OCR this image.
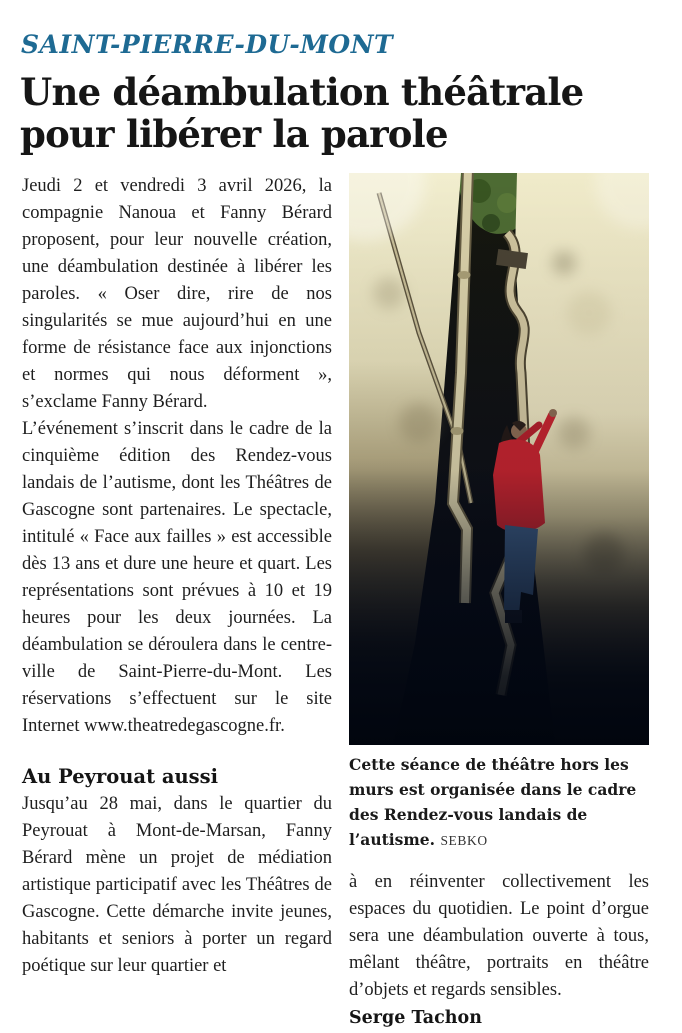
SAINT-PIERRE-DU-MONT
Une déambulation théâtrale pour libérer la parole

Jeudi 2 et vendredi 3 avril 2026, la compagnie Nanoua et Fanny Bérard proposent, pour leur nouvelle création, une déambulation destinée à libérer les paroles. « Oser dire, rire de nos singularités se mue aujourd’hui en une forme de résistance face aux injonctions et normes qui nous déforment », s’exclame Fanny Bérard.

L’événement s’inscrit dans le cadre de la cinquième édition des Rendez-vous landais de l’autisme, dont les Théâtres de Gascogne sont partenaires. Le spectacle, intitulé « Face aux failles » est accessible dès 13 ans et dure une heure et quart. Les représentations sont prévues à 10 et 19 heures pour les deux journées. La déambulation se déroulera dans le centre-ville de Saint-Pierre-du-Mont. Les réservations s’effectuent sur le site Internet www.theatredegascogne.fr.

Au Peyrouat aussi

Jusqu’au 28 mai, dans le quartier du Peyrouat à Mont-de-Marsan, Fanny Bérard mène un projet de médiation artistique participatif avec les Théâtres de Gascogne. Cette démarche invite jeunes, habitants et seniors à porter un regard poétique sur leur quartier et

Cette séance de théâtre hors les murs est organisée dans le cadre des Rendez-vous landais de l’autisme. SEBKO

à en réinventer collectivement les espaces du quotidien. Le point d’orgue sera une déambulation ouverte à tous, mêlant théâtre, portraits en théâtre d’objets et regards sensibles.

Serge Tachon
